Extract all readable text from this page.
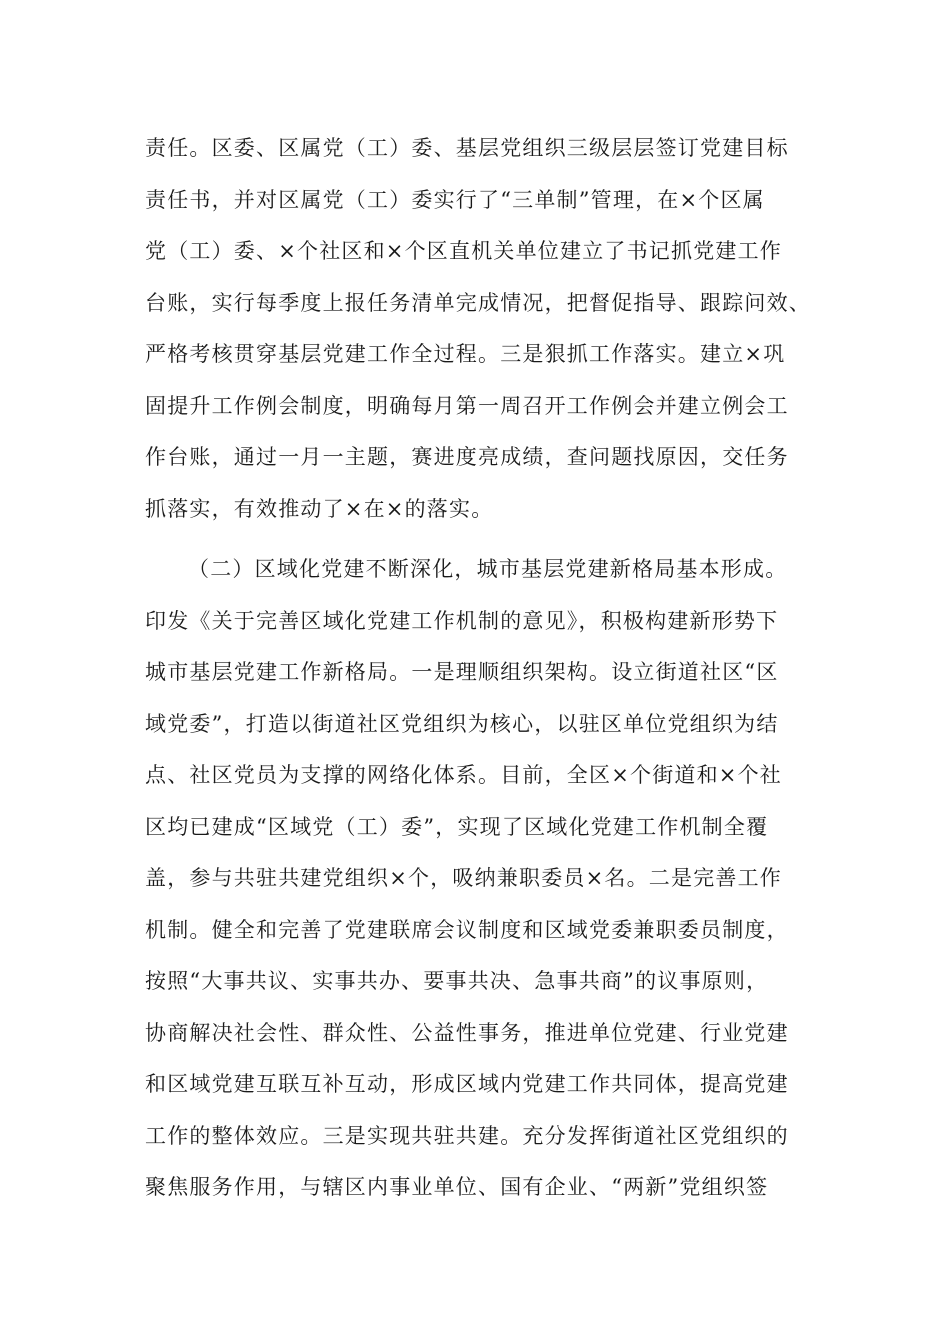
责任。区委、区属党（工）委、基层党组织三级层层签订党建目标
责任书，并对区属党（工）委实行了“三单制”管理，在×个区属
党（工）委、×个社区和×个区直机关单位建立了书记抓党建工作
台账，实行每季度上报任务清单完成情况，把督促指导、跟踪问效、
严格考核贯穿基层党建工作全过程。三是狠抓工作落实。建立×巩
固提升工作例会制度，明确每月第一周召开工作例会并建立例会工
作台账，通过一月一主题，赛进度亮成绩，查问题找原因，交任务
抓落实，有效推动了×在×的落实。
（二）区域化党建不断深化，城市基层党建新格局基本形成。
印发《关于完善区域化党建工作机制的意见》，积极构建新形势下
城市基层党建工作新格局。一是理顺组织架构。设立街道社区“区
域党委”，打造以街道社区党组织为核心，以驻区单位党组织为结
点、社区党员为支撑的网络化体系。目前，全区×个街道和×个社
区均已建成“区域党（工）委”，实现了区域化党建工作机制全覆
盖，参与共驻共建党组织×个，吸纳兼职委员×名。二是完善工作
机制。健全和完善了党建联席会议制度和区域党委兼职委员制度，
按照“大事共议、实事共办、要事共决、急事共商”的议事原则，
协商解决社会性、群众性、公益性事务，推进单位党建、行业党建
和区域党建互联互补互动，形成区域内党建工作共同体，提高党建
工作的整体效应。三是实现共驻共建。充分发挥街道社区党组织的
聚焦服务作用，与辖区内事业单位、国有企业、“两新”党组织签
